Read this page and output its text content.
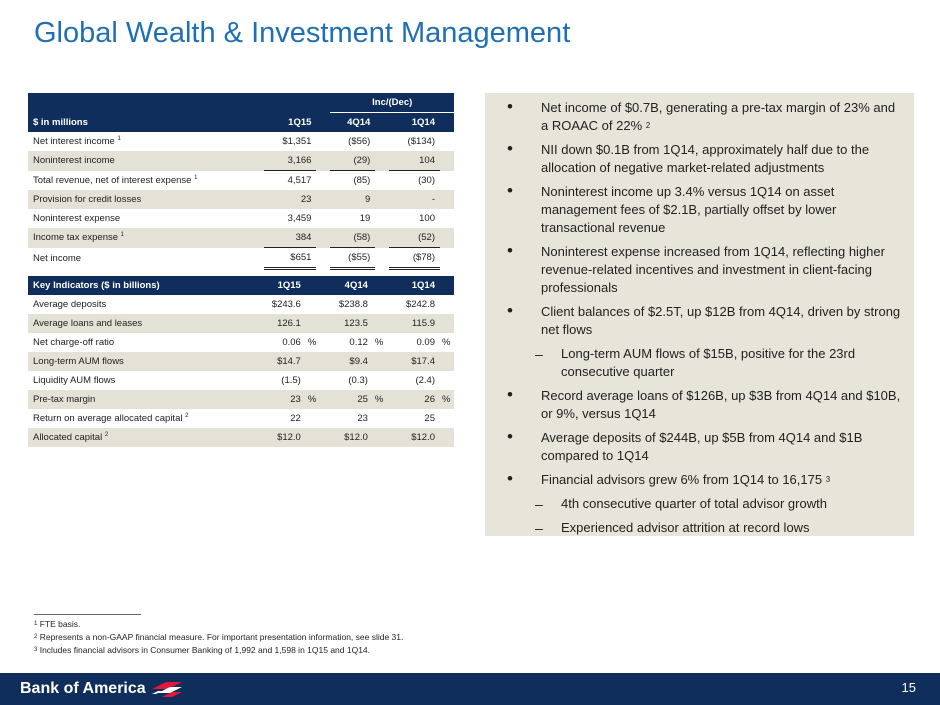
Global Wealth & Investment Management
			Inc/(Dec)			
$ in millions	1Q15		4Q14		1Q14	
Net interest income $^1$	$1,351		($56)		($134)	
Noninterest income	3,166		(29)		104	
Total revenue, net of interest expense $^1$	4,517		(85)		(30)	
Provision for credit losses	23		9		-	
Noninterest expense	3,459		19		100	
Income tax expense $^1$	384		(58)		(52)	
Net income	$651		($55)		($78)	
Key Indicators ($ in billions)	1Q15		4Q14		1Q14	
Average deposits	$243.6		$238.8		$242.8	
Average loans and leases	126.1		123.5		115.9	
Net charge-off ratio	0.06	%	0.12	%	0.09	%
Long-term AUM flows	$14.7		$9.4		$17.4	
Liquidity AUM flows	(1.5)		(0.3)		(2.4)	
Pre-tax margin	23	%	25	%	26	%
Return on average allocated capital $^2$	22		23		25	
Allocated capital $^2$	$12.0		$12.0		$12.0	
• Net income of $0.7B, generating a pre-tax margin of 23% and a ROAAC of 22% $^2$
• NII down $0.1B from 1Q14, approximately half due to the allocation of negative market-related adjustments
• Noninterest income up 3.4% versus 1Q14 on asset management fees of $2.1B, partially offset by lower transactional revenue
• Noninterest expense increased from 1Q14, reflecting higher revenue-related incentives and investment in client-facing professionals
• Client balances of $2.5T, up $12B from 4Q14, driven by strong net flows
– Long-term AUM flows of $15B, positive for the 23rd consecutive quarter
• Record average loans of $126B, up $3B from 4Q14 and $10B, or 9%, versus 1Q14
• Average deposits of $244B, up $5B from 4Q14 and $1B compared to 1Q14
• Financial advisors grew 6% from 1Q14 to 16,175 $^3$
– 4th consecutive quarter of total advisor growth
– Experienced advisor attrition at record lows
$^1$ FTE basis.
$^2$ Represents a non-GAAP financial measure. For important presentation information, see slide 31.
$^3$ Includes financial advisors in Consumer Banking of 1,992 and 1,598 in 1Q15 and 1Q14.
Bank of America	15
